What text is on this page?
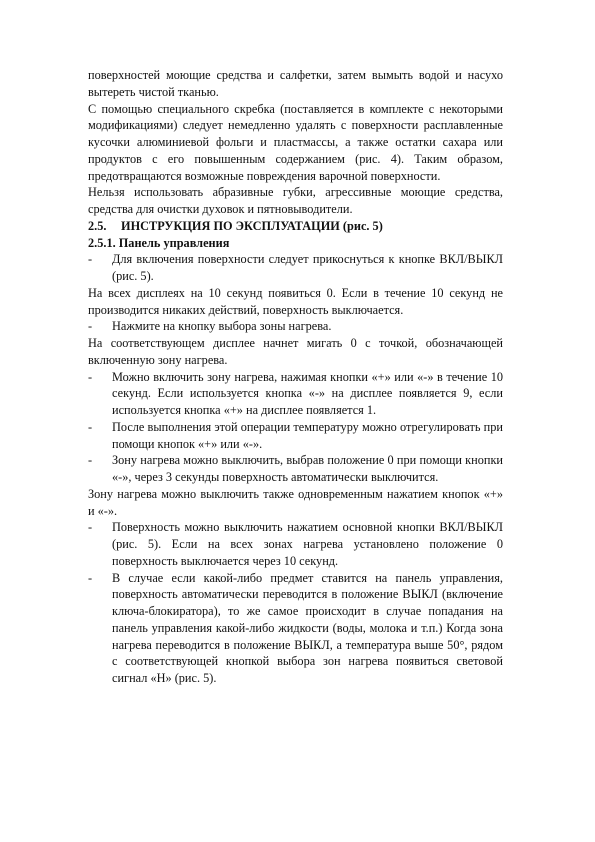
поверхностей моющие средства и салфетки, затем вымыть водой и насухо вытереть чистой тканью.

С помощью специального скребка (поставляется в комплекте с некоторыми модификациями) следует немедленно удалять с поверхности расплавленные кусочки алюминиевой фольги и пластмассы, а также остатки сахара или продуктов с его повышенным содержанием (рис. 4). Таким образом, предотвращаются возможные повреждения варочной поверхности.

Нельзя использовать абразивные губки, агрессивные моющие средства, средства для очистки духовок и пятновыводители.

2.5. ИНСТРУКЦИЯ ПО ЭКСПЛУАТАЦИИ (рис. 5)

2.5.1. Панель управления

- Для включения поверхности следует прикоснуться к кнопке ВКЛ/ВЫКЛ (рис. 5).

На всех дисплеях на 10 секунд появиться 0. Если в течение 10 секунд не производится никаких действий, поверхность выключается.

- Нажмите на кнопку выбора зоны нагрева.

На соответствующем дисплее начнет мигать 0 с точкой, обозначающей включенную зону нагрева.

- Можно включить зону нагрева, нажимая кнопки «+» или «-» в течение 10 секунд. Если используется кнопка «-» на дисплее появляется 9, если используется кнопка «+» на дисплее появляется 1.

- После выполнения этой операции температуру можно отрегулировать при помощи кнопок «+» или «-».

- Зону нагрева можно выключить, выбрав положение 0 при помощи кнопки «-», через 3 секунды поверхность автоматически выключится.

Зону нагрева можно выключить также одновременным нажатием кнопок «+» и «-».

- Поверхность можно выключить нажатием основной кнопки ВКЛ/ВЫКЛ (рис. 5). Если на всех зонах нагрева установлено положение 0 поверхность выключается через 10 секунд.

- В случае если какой-либо предмет ставится на панель управления, поверхность автоматически переводится в положение ВЫКЛ (включение ключа-блокиратора), то же самое происходит в случае попадания на панель управления какой-либо жидкости (воды, молока и т.п.) Когда зона нагрева переводится в положение ВЫКЛ, а температура выше 50°, рядом с соответствующей кнопкой выбора зон нагрева появиться световой сигнал «Н» (рис. 5).
